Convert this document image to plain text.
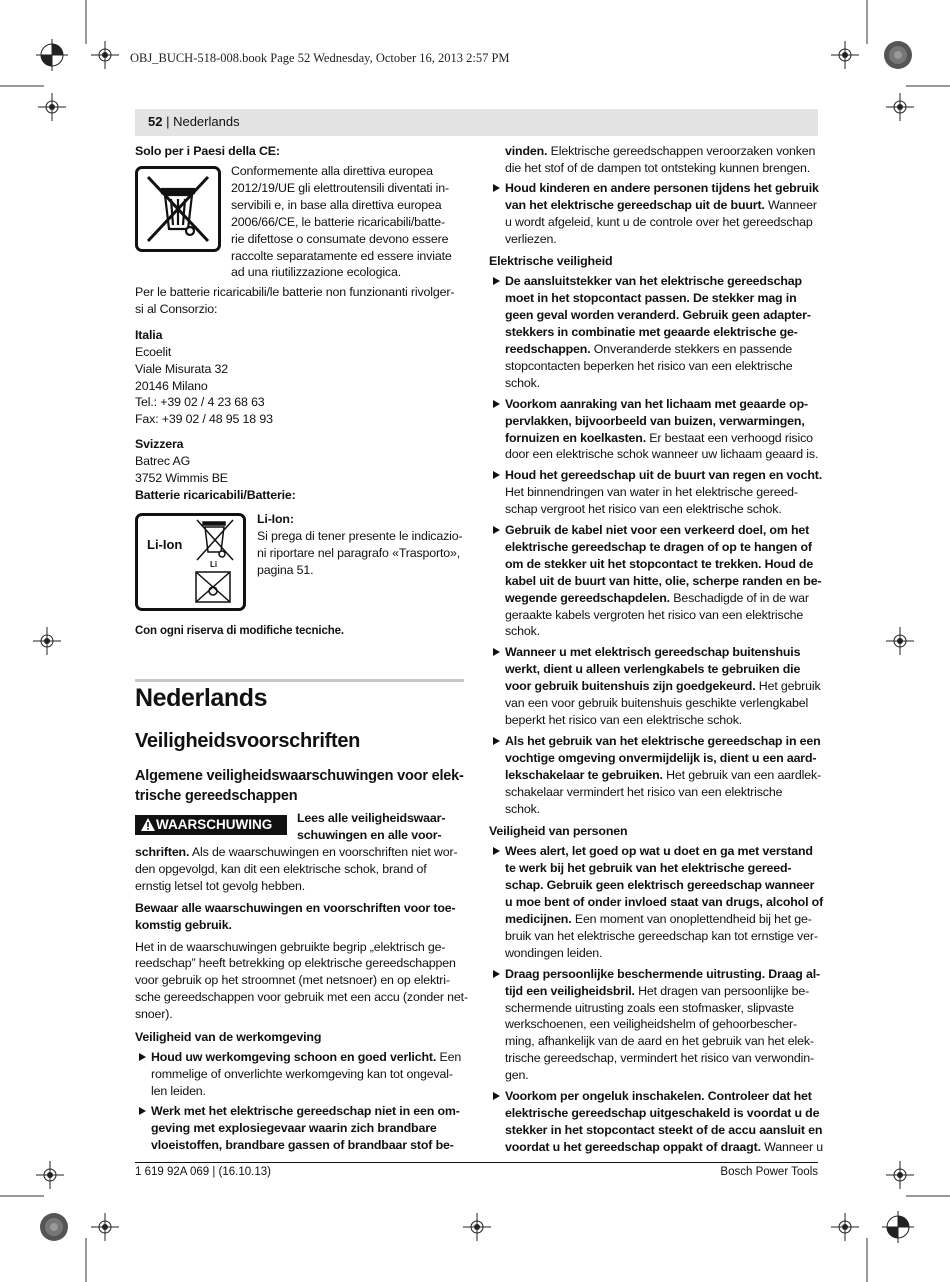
OBJ_BUCH-518-008.book Page 52 Wednesday, October 16, 2013 2:57 PM
52 | Nederlands

Solo per i Paesi della CE:

Conformemente alla direttiva europea

2012/19/UE gli elettroutensili diventati in-

servibili e, in base alla direttiva europea

2006/66/CE, le batterie ricaricabili/batte-

rie difettose o consumate devono essere

raccolte separatamente ed essere inviate

ad una riutilizzazione ecologica.

Per le batterie ricaricabili/le batterie non funzionanti rivolger-

si al Consorzio:

Italia

Ecoelit

Viale Misurata 32

20146 Milano

Tel.: +39 02 / 4 23 68 63

Fax: +39 02 / 48 95 18 93

Svizzera

Batrec AG

3752 Wimmis BE

Batterie ricaricabili/Batterie:

Li-Ion
Li

Li-Ion:

Si prega di tener presente le indicazio-

ni riportare nel paragrafo «Trasporto»,

pagina 51.

Con ogni riserva di modifiche tecniche.

Nederlands
Veiligheidsvoorschriften

Algemene veiligheidswaarschuwingen voor elek-

trische gereedschappen

WAARSCHUWING Lees alle veiligheidswaar-

schuwingen en alle voor-

schriften. Als de waarschuwingen en voorschriften niet wor-

den opgevolgd, kan dit een elektrische schok, brand of

ernstig letsel tot gevolg hebben.

Bewaar alle waarschuwingen en voorschriften voor toe-

komstig gebruik.

Het in de waarschuwingen gebruikte begrip „elektrisch ge-

reedschap” heeft betrekking op elektrische gereedschappen

voor gebruik op het stroomnet (met netsnoer) en op elektri-

sche gereedschappen voor gebruik met een accu (zonder net-

snoer).

Veiligheid van de werkomgeving

Houd uw werkomgeving schoon en goed verlicht. Een

rommelige of onverlichte werkomgeving kan tot ongeval-

len leiden.

Werk met het elektrische gereedschap niet in een om-

geving met explosiegevaar waarin zich brandbare

vloeistoffen, brandbare gassen of brandbaar stof be-

vinden. Elektrische gereedschappen veroorzaken vonken

die het stof of de dampen tot ontsteking kunnen brengen.

Houd kinderen en andere personen tijdens het gebruik

van het elektrische gereedschap uit de buurt. Wanneer

u wordt afgeleid, kunt u de controle over het gereedschap

verliezen.

Elektrische veiligheid

De aansluitstekker van het elektrische gereedschap

moet in het stopcontact passen. De stekker mag in

geen geval worden veranderd. Gebruik geen adapter-

stekkers in combinatie met geaarde elektrische ge-

reedschappen. Onveranderde stekkers en passende

stopcontacten beperken het risico van een elektrische

schok.

Voorkom aanraking van het lichaam met geaarde op-

pervlakken, bijvoorbeeld van buizen, verwarmingen,

fornuizen en koelkasten. Er bestaat een verhoogd risico

door een elektrische schok wanneer uw lichaam geaard is.

Houd het gereedschap uit de buurt van regen en vocht.

Het binnendringen van water in het elektrische gereed-

schap vergroot het risico van een elektrische schok.

Gebruik de kabel niet voor een verkeerd doel, om het

elektrische gereedschap te dragen of op te hangen of

om de stekker uit het stopcontact te trekken. Houd de

kabel uit de buurt van hitte, olie, scherpe randen en be-

wegende gereedschapdelen. Beschadigde of in de war

geraakte kabels vergroten het risico van een elektrische

schok.

Wanneer u met elektrisch gereedschap buitenshuis

werkt, dient u alleen verlengkabels te gebruiken die

voor gebruik buitenshuis zijn goedgekeurd. Het gebruik

van een voor gebruik buitenshuis geschikte verlengkabel

beperkt het risico van een elektrische schok.

Als het gebruik van het elektrische gereedschap in een

vochtige omgeving onvermijdelijk is, dient u een aard-

lekschakelaar te gebruiken. Het gebruik van een aardlek-

schakelaar vermindert het risico van een elektrische

schok.

Veiligheid van personen

Wees alert, let goed op wat u doet en ga met verstand

te werk bij het gebruik van het elektrische gereed-

schap. Gebruik geen elektrisch gereedschap wanneer

u moe bent of onder invloed staat van drugs, alcohol of

medicijnen. Een moment van onoplettendheid bij het ge-

bruik van het elektrische gereedschap kan tot ernstige ver-

wondingen leiden.

Draag persoonlijke beschermende uitrusting. Draag al-

tijd een veiligheidsbril. Het dragen van persoonlijke be-

schermende uitrusting zoals een stofmasker, slipvaste

werkschoenen, een veiligheidshelm of gehoorbescher-

ming, afhankelijk van de aard en het gebruik van het elek-

trische gereedschap, vermindert het risico van verwondin-

gen.

Voorkom per ongeluk inschakelen. Controleer dat het

elektrische gereedschap uitgeschakeld is voordat u de

stekker in het stopcontact steekt of de accu aansluit en

voordat u het gereedschap oppakt of draagt. Wanneer u

1 619 92A 069 | (16.10.13)	Bosch Power Tools
